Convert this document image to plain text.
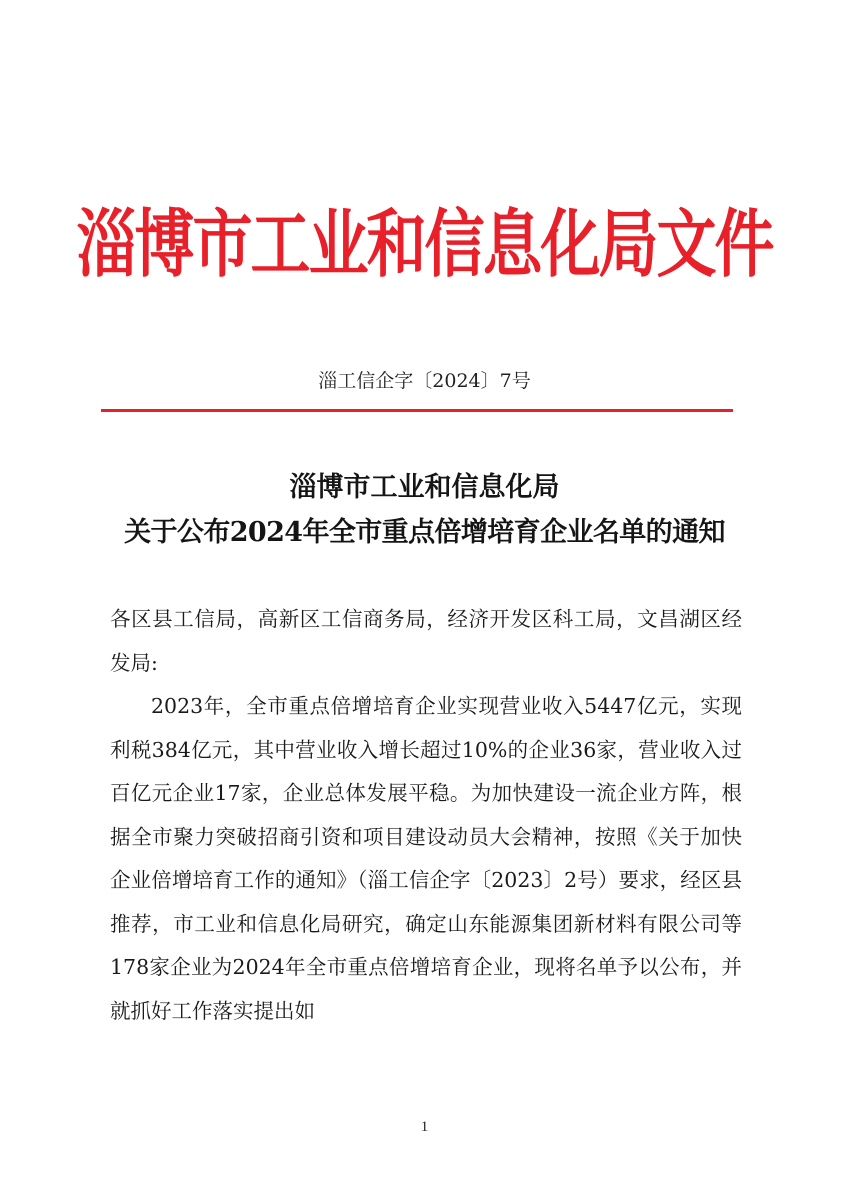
淄博市工业和信息化局文件
淄工信企字〔2024〕7号
淄博市工业和信息化局
关于公布2024年全市重点倍增培育企业名单的通知

各区县工信局，高新区工信商务局，经济开发区科工局，文昌湖区经发局:

2023年，全市重点倍增培育企业实现营业收入5447亿元，实现利税384亿元，其中营业收入增长超过10%的企业36家，营业收入过百亿元企业17家，企业总体发展平稳。为加快建设一流企业方阵，根据全市聚力突破招商引资和项目建设动员大会精神，按照《关于加快企业倍增培育工作的通知》（淄工信企字〔2023〕2号）要求，经区县推荐，市工业和信息化局研究，确定山东能源集团新材料有限公司等178家企业为2024年全市重点倍增培育企业，现将名单予以公布，并就抓好工作落实提出如

1
